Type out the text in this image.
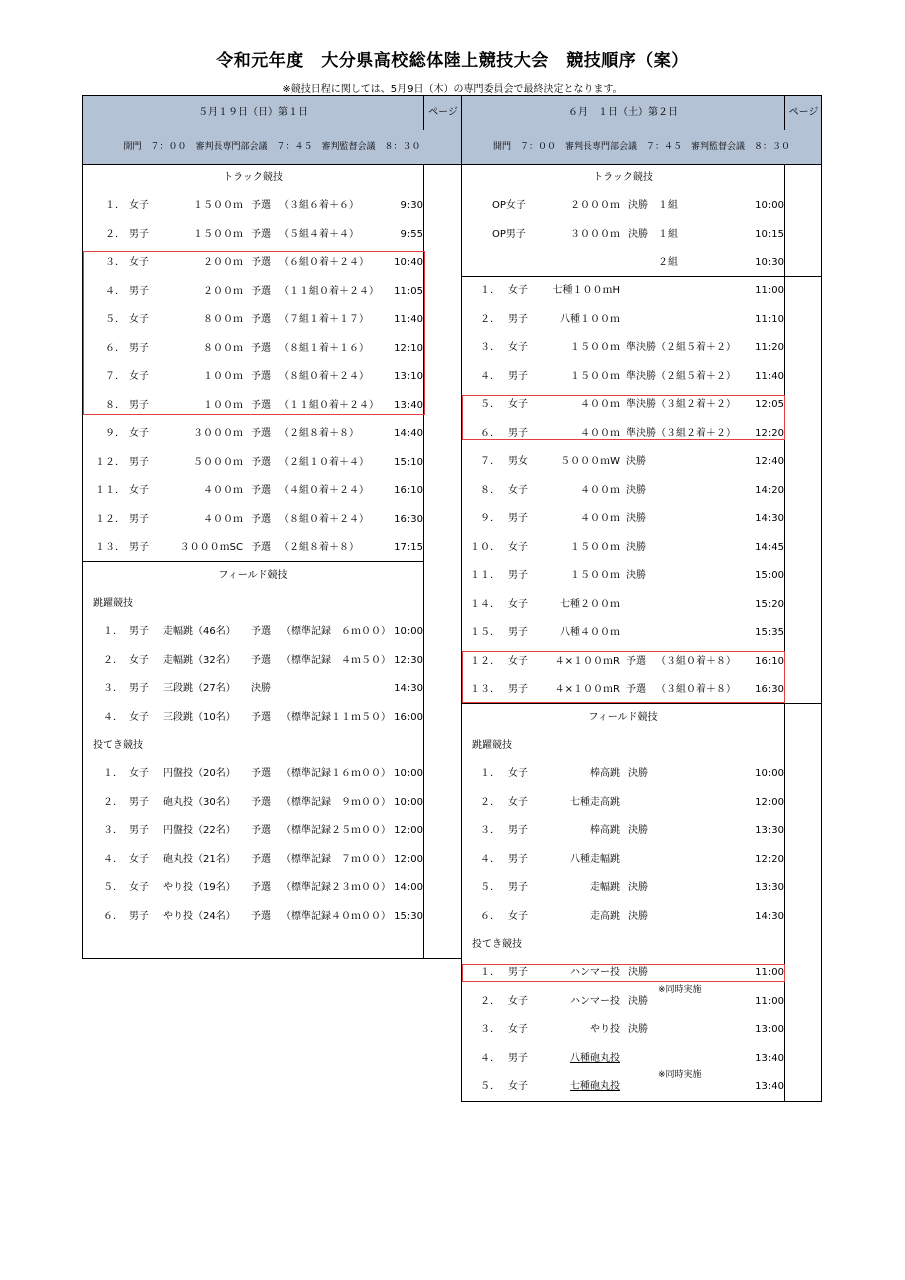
令和元年度　大分県高校総体陸上競技大会　競技順序（案）
※競技日程に関しては、5月9日（木）の専門委員会で最終決定となります。
５月１９日（日）第１日	ページ
開門　７：００　審判長専門部会議　７：４５　審判監督会議　８：３０
トラック競技
１． 女子	１５００ｍ 予選 （３組６着＋６）	9:30
２． 男子	１５００ｍ 予選 （５組４着＋４）	9:55
３． 女子	２００ｍ 予選 （６組０着＋２４）	10:40
４． 男子	２００ｍ 予選 （１１組０着＋２４）	11:05
５． 女子	８００ｍ 予選 （７組１着＋１７）	11:40
６． 男子	８００ｍ 予選 （８組１着＋１６）	12:10
７． 女子	１００ｍ 予選 （８組０着＋２４）	13:10
８． 男子	１００ｍ 予選 （１１組０着＋２４）	13:40
９． 女子	３０００ｍ 予選 （２組８着＋８）	14:40
１２． 男子	５０００ｍ 予選 （２組１０着＋４）	15:10
１１． 女子	４００ｍ 予選 （４組０着＋２４）	16:10
１２． 男子	４００ｍ 予選 （８組０着＋２４）	16:30
１３． 男子	３０００ｍSC 予選 （２組８着＋８）	17:15
フィールド競技
跳躍競技
１． 男子 走幅跳（46名） 予選 （標準記録　６ｍ００） 10:00
２． 女子 走幅跳（32名） 予選 （標準記録　４ｍ５０） 12:30
３． 男子 三段跳（27名） 決勝	14:30
４． 女子 三段跳（10名） 予選 （標準記録１１ｍ５０） 16:00
投てき競技
１． 女子 円盤投（20名） 予選 （標準記録１６ｍ００） 10:00
２． 男子 砲丸投（30名） 予選 （標準記録　９ｍ００） 10:00
３． 男子 円盤投（22名） 予選 （標準記録２５ｍ００） 12:00
４． 女子 砲丸投（21名） 予選 （標準記録　７ｍ００） 12:00
５． 女子 やり投（19名） 予選 （標準記録２３ｍ００） 14:00
６． 男子 やり投（24名） 予選 （標準記録４０ｍ００） 15:30
６月　１日（土）第２日	ページ
開門　７：００　審判長専門部会議　７：４５　審判監督会議　８：３０
トラック競技
OP女子	２０００ｍ 決勝 １組	10:00
OP男子	３０００ｍ 決勝 １組	10:15
２組	10:30
１． 女子	七種１００ｍH	11:00
２． 男子	八種１００ｍ	11:10
３． 女子	１５００ｍ 準決勝 （２組５着＋２）	11:20
４． 男子	１５００ｍ 準決勝 （２組５着＋２）	11:40
５． 女子	４００ｍ 準決勝 （３組２着＋２）	12:05
６． 男子	４００ｍ 準決勝 （３組２着＋２）	12:20
７． 男女	５０００ｍW 決勝	12:40
８． 女子	４００ｍ 決勝	14:20
９． 男子	４００ｍ 決勝	14:30
１０． 女子	１５００ｍ 決勝	14:45
１１． 男子	１５００ｍ 決勝	15:00
１４． 女子	七種２００ｍ	15:20
１５． 男子	八種４００ｍ	15:35
１２． 女子	４×１００ｍR 予選 （３組０着＋８）	16:10
１３． 男子	４×１００ｍR 予選 （３組０着＋８）	16:30
フィールド競技
跳躍競技
１． 女子	棒高跳 決勝	10:00
２． 女子	七種走高跳	12:00
３． 男子	棒高跳 決勝	13:30
４． 男子	八種走幅跳	12:20
５． 男子	走幅跳 決勝	13:30
６． 女子	走高跳 決勝	14:30
投てき競技
１． 男子	ハンマー投 決勝	11:00
２． 女子	ハンマー投 決勝	11:00
３． 女子	やり投 決勝	13:00
４． 男子	八種砲丸投	13:40
５． 女子	七種砲丸投	13:40
※同時実施
※同時実施
